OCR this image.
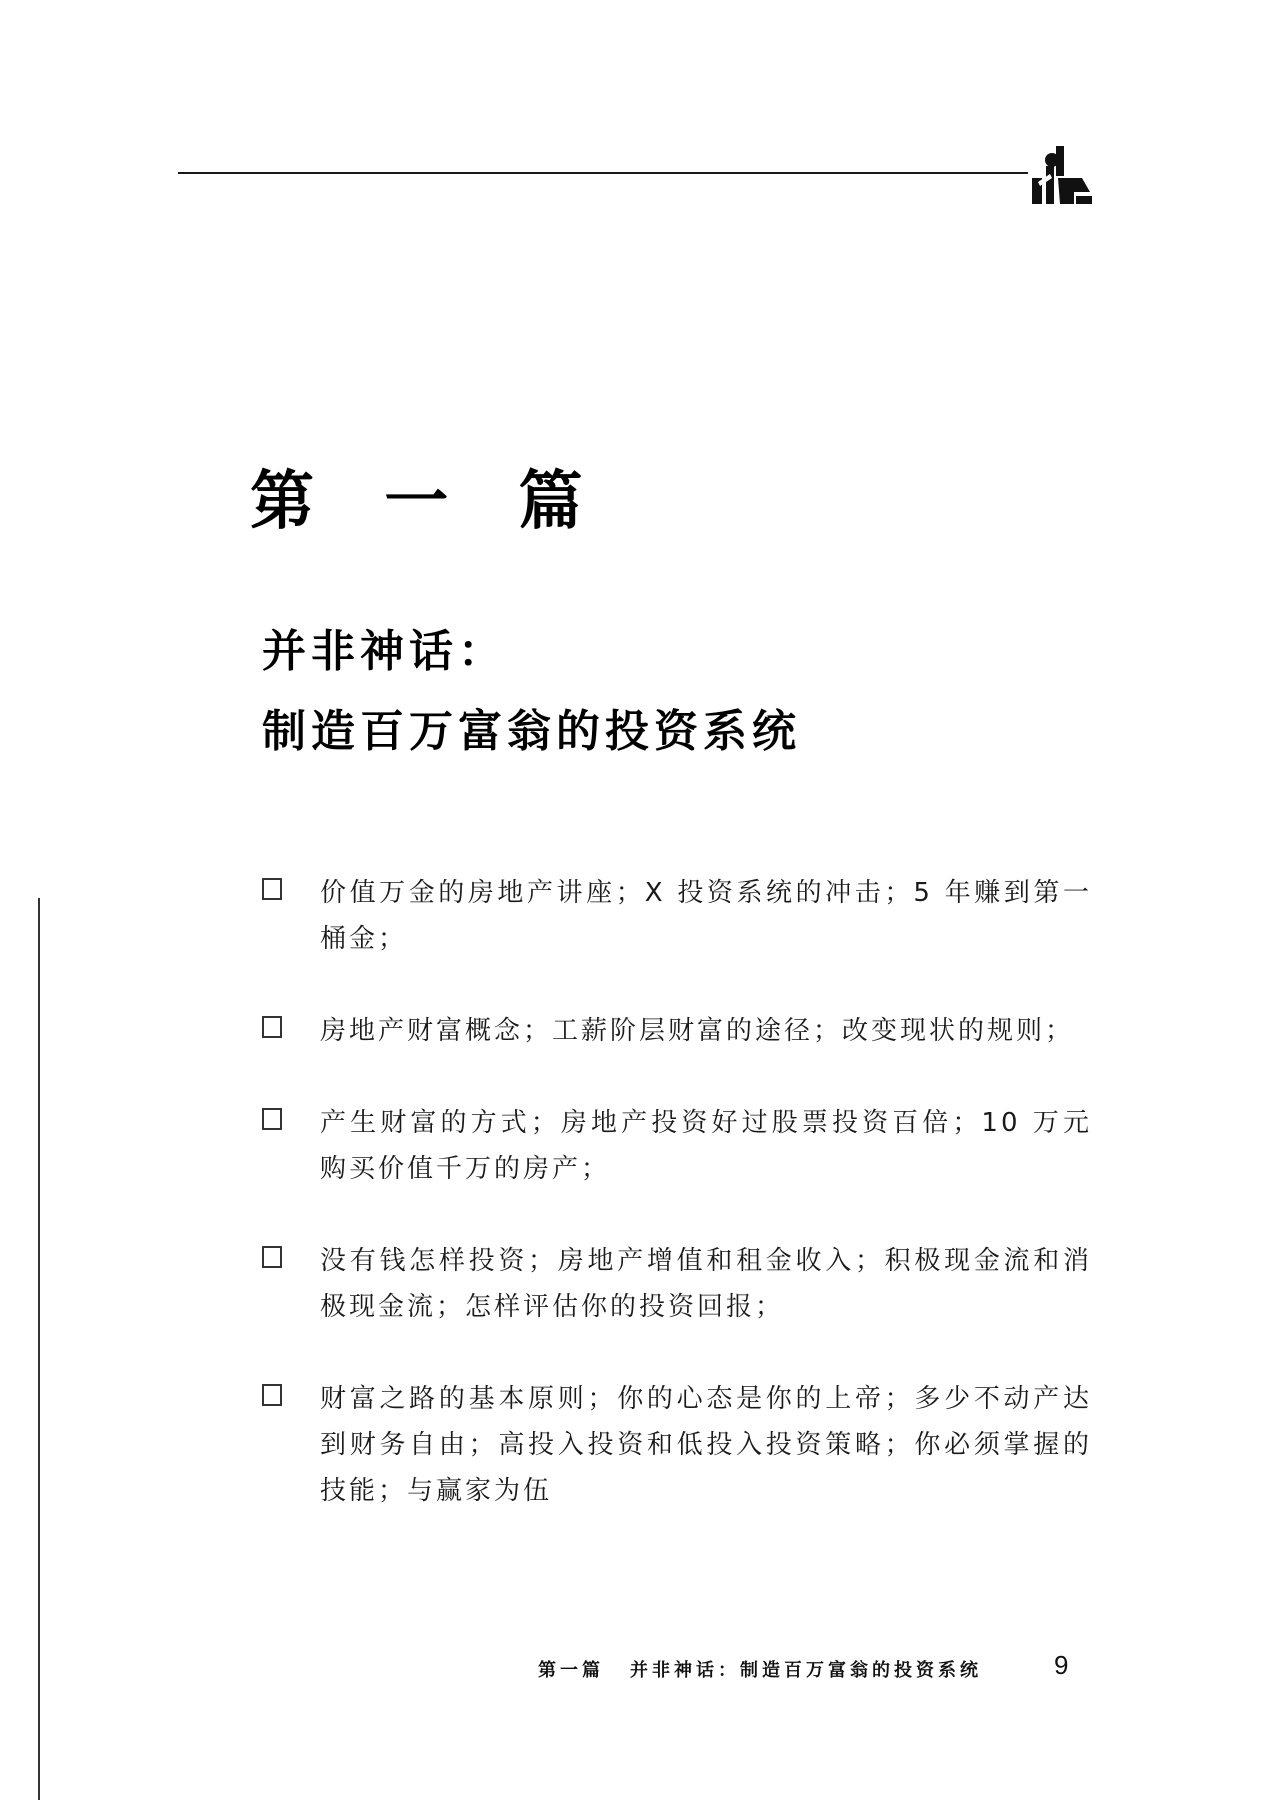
第 一 篇
并非神话：
制造百万富翁的投资系统
价值万金的房地产讲座；X 投资系统的冲击；5 年赚到第一桶金；
房地产财富概念；工薪阶层财富的途径；改变现状的规则；
产生财富的方式；房地产投资好过股票投资百倍；10 万元购买价值千万的房产；
没有钱怎样投资；房地产增值和租金收入；积极现金流和消极现金流；怎样评估你的投资回报；
财富之路的基本原则；你的心态是你的上帝；多少不动产达到财务自由；高投入投资和低投入投资策略；你必须掌握的技能；与赢家为伍
第一篇 并非神话：制造百万富翁的投资系统	9
